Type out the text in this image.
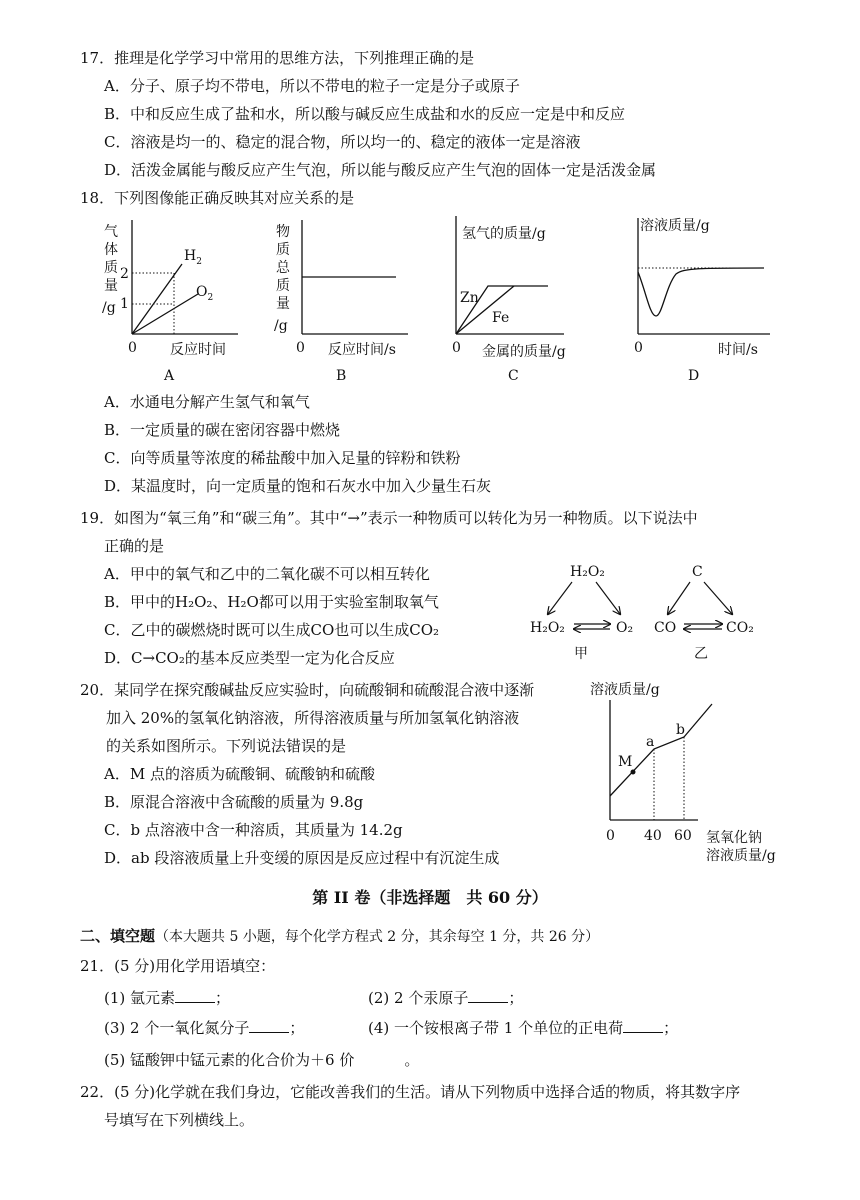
17．推理是化学学习中常用的思维方法，下列推理正确的是
A．分子、原子均不带电，所以不带电的粒子一定是分子或原子
B．中和反应生成了盐和水，所以酸与碱反应生成盐和水的反应一定是中和反应
C．溶液是均一的、稳定的混合物，所以均一的、稳定的液体一定是溶液
D．活泼金属能与酸反应产生气泡，所以能与酸反应产生气泡的固体一定是活泼金属
18．下列图像能正确反映其对应关系的是
气
体
质
量
/g
2
1
$H_2$
$O_2$
0 反应时间
A
物
质
总
质
量
/g
0 反应时间/s
B
氢气的质量/g
Zn
Fe
0 金属的质量/g
C
溶液质量/g
0	时间/s
D
A．水通电分解产生氢气和氧气
B．一定质量的碳在密闭容器中燃烧
C．向等质量等浓度的稀盐酸中加入足量的锌粉和铁粉
D．某温度时，向一定质量的饱和石灰水中加入少量生石灰
19．如图为“氧三角”和“碳三角”。其中“→”表示一种物质可以转化为另一种物质。以下说法中
正确的是
A．甲中的氧气和乙中的二氧化碳不可以相互转化
B．甲中的H₂O₂、H₂O都可以用于实验室制取氧气
C．乙中的碳燃烧时既可以生成CO也可以生成CO₂
D．C→CO₂的基本反应类型一定为化合反应
H₂O₂
H₂O₂	O₂
甲
C
CO	CO₂
乙
20．某同学在探究酸碱盐反应实验时，向硫酸铜和硫酸混合液中逐渐
加入 20%的氢氧化钠溶液，所得溶液质量与所加氢氧化钠溶液
的关系如图所示。下列说法错误的是
A．M 点的溶质为硫酸铜、硫酸钠和硫酸
B．原混合溶液中含硫酸的质量为 9.8g
C．b 点溶液中含一种溶质，其质量为 14.2g
D．ab 段溶液质量上升变缓的原因是反应过程中有沉淀生成
溶液质量/g
M
a
b
0 40 60 氢氧化钠
溶液质量/g
第 II 卷（非选择题　共 60 分）
二、填空题（本大题共 5 小题，每个化学方程式 2 分，其余每空 1 分，共 26 分）
21．(5 分)用化学用语填空：
(1) 氩元素	；	(2) 2 个汞原子	；
(3) 2 个一氧化氮分子	；	(4) 一个铵根离子带 1 个单位的正电荷	；
(5) 锰酸钾中锰元素的化合价为＋6 价	。
22．(5 分)化学就在我们身边，它能改善我们的生活。请从下列物质中选择合适的物质，将其数字序
号填写在下列横线上。
